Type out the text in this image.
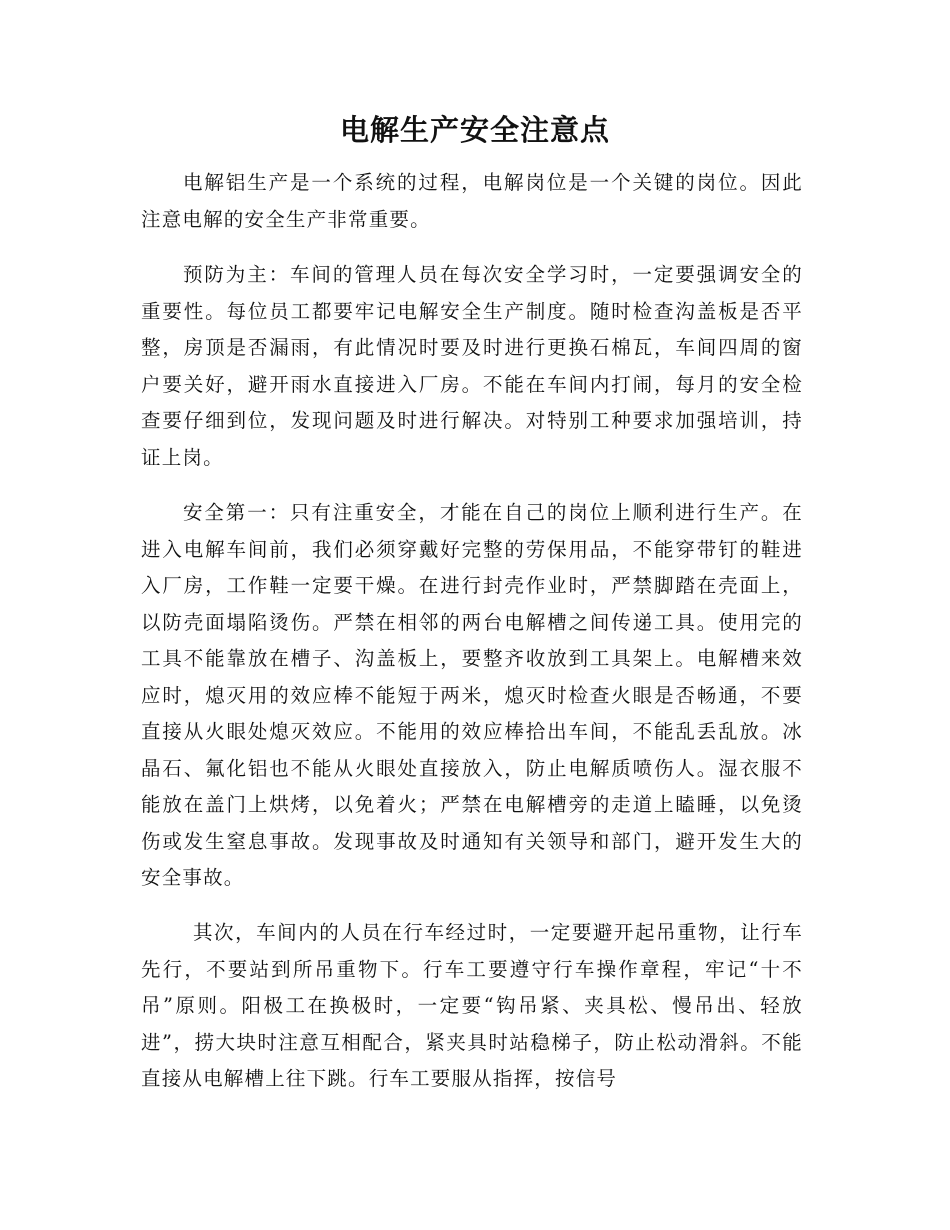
电解生产安全注意点

电解铝生产是一个系统的过程，电解岗位是一个关键的岗位。因此注意电解的安全生产非常重要。

预防为主：车间的管理人员在每次安全学习时，一定要强调安全的重要性。每位员工都要牢记电解安全生产制度。随时检查沟盖板是否平整，房顶是否漏雨，有此情况时要及时进行更换石棉瓦，车间四周的窗户要关好，避开雨水直接进入厂房。不能在车间内打闹，每月的安全检查要仔细到位，发现问题及时进行解决。对特别工种要求加强培训，持证上岗。

安全第一：只有注重安全，才能在自己的岗位上顺利进行生产。在进入电解车间前，我们必须穿戴好完整的劳保用品，不能穿带钉的鞋进入厂房，工作鞋一定要干燥。在进行封壳作业时，严禁脚踏在壳面上，以防壳面塌陷烫伤。严禁在相邻的两台电解槽之间传递工具。使用完的工具不能靠放在槽子、沟盖板上，要整齐收放到工具架上。电解槽来效应时，熄灭用的效应棒不能短于两米，熄灭时检查火眼是否畅通，不要直接从火眼处熄灭效应。不能用的效应棒拾出车间，不能乱丢乱放。冰晶石、氟化铝也不能从火眼处直接放入，防止电解质喷伤人。湿衣服不能放在盖门上烘烤，以免着火；严禁在电解槽旁的走道上瞌睡，以免烫伤或发生窒息事故。发现事故及时通知有关领导和部门，避开发生大的安全事故。

其次，车间内的人员在行车经过时，一定要避开起吊重物，让行车先行，不要站到所吊重物下。行车工要遵守行车操作章程，牢记“十不吊”原则。阳极工在换极时，一定要“钩吊紧、夹具松、慢吊出、轻放进”，捞大块时注意互相配合，紧夹具时站稳梯子，防止松动滑斜。不能直接从电解槽上往下跳。行车工要服从指挥，按信号
